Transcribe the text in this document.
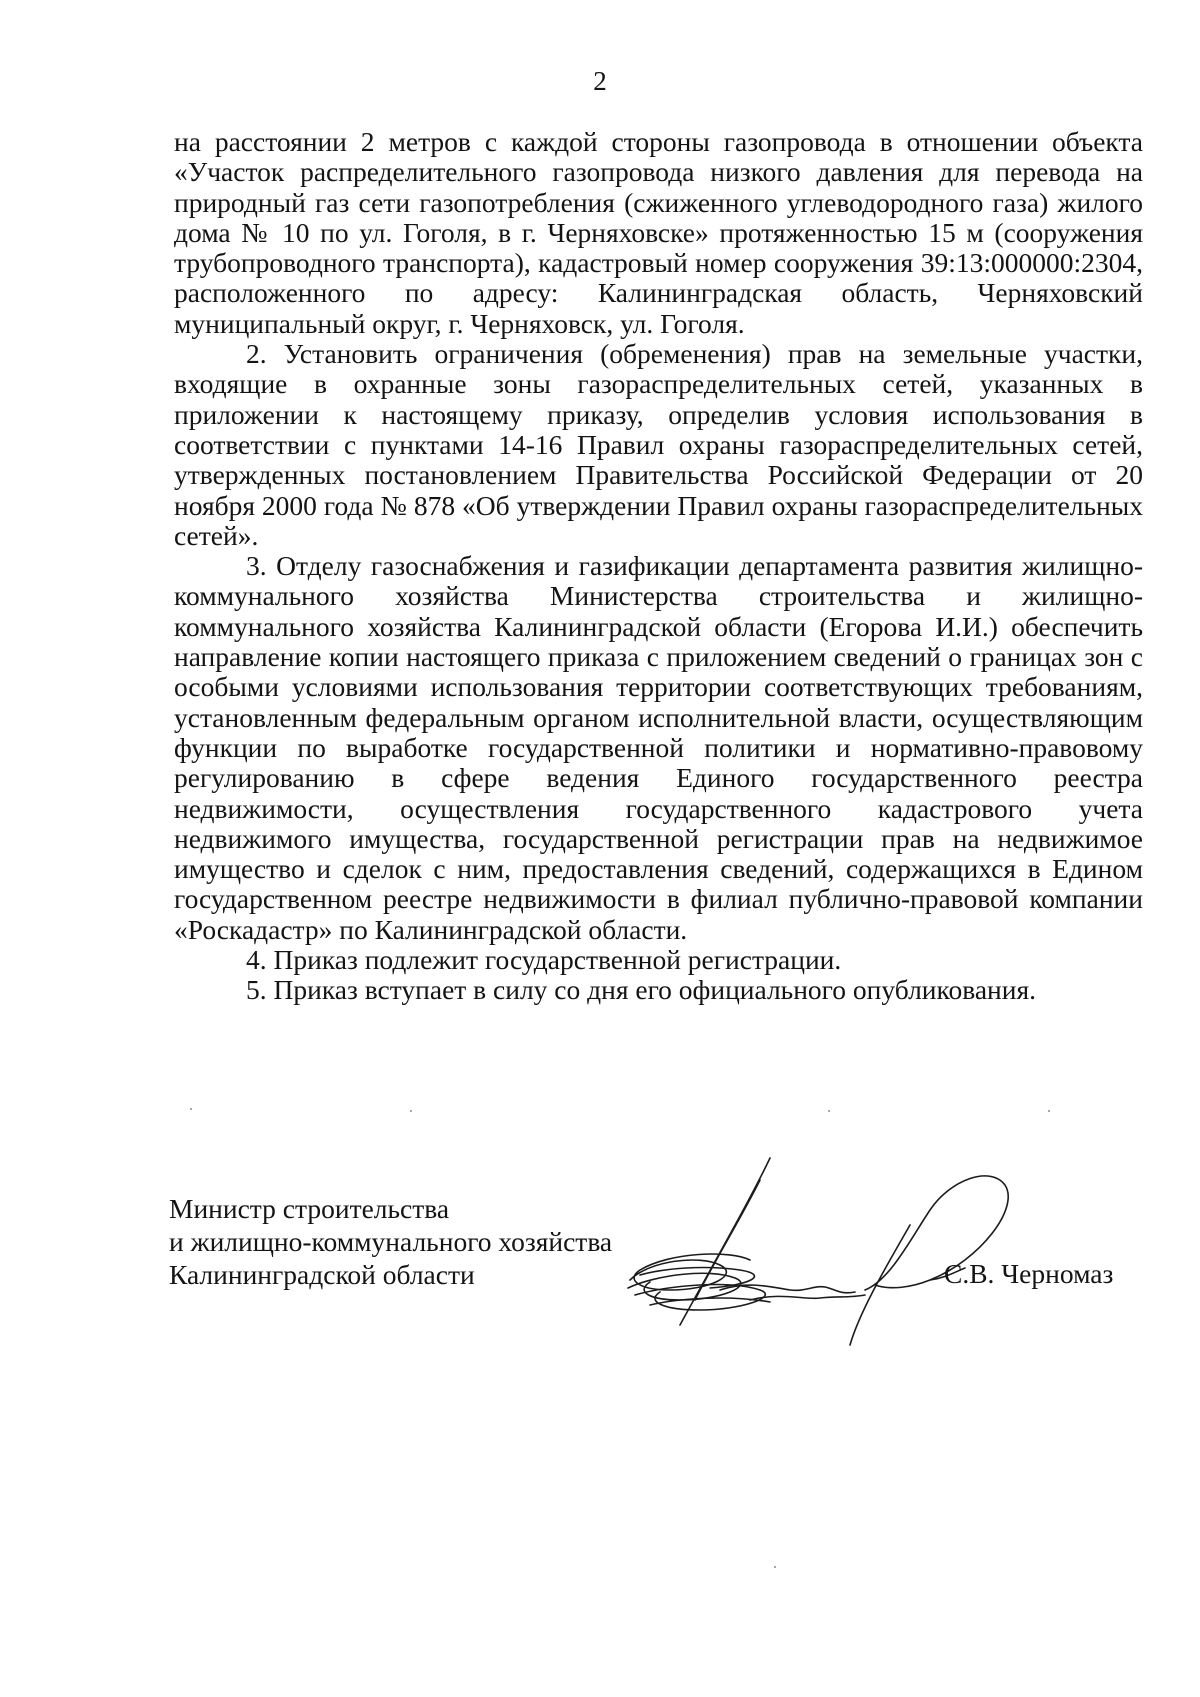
2

на расстоянии 2 метров с каждой стороны газопровода в отношении объекта «Участок распределительного газопровода низкого давления для перевода на природный газ сети газопотребления (сжиженного углеводородного газа) жилого дома № 10 по ул. Гоголя, в г. Черняховске» протяженностью 15 м (сооружения трубопроводного транспорта), кадастровый номер сооружения 39:13:000000:2304, расположенного по адресу: Калининградская область, Черняховский муниципальный округ, г. Черняховск, ул. Гоголя.

2. Установить ограничения (обременения) прав на земельные участки, входящие в охранные зоны газораспределительных сетей, указанных в приложении к настоящему приказу, определив условия использования в соответствии с пунктами 14-16 Правил охраны газораспределительных сетей, утвержденных постановлением Правительства Российской Федерации от 20 ноября 2000 года № 878 «Об утверждении Правил охраны газораспределительных сетей».

3. Отделу газоснабжения и газификации департамента развития жилищно-коммунального хозяйства Министерства строительства и жилищно-коммунального хозяйства Калининградской области (Егорова И.И.) обеспечить направление копии настоящего приказа с приложением сведений о границах зон с особыми условиями использования территории соответствующих требованиям, установленным федеральным органом исполнительной власти, осуществляющим функции по выработке государственной политики и нормативно-правовому регулированию в сфере ведения Единого государственного реестра недвижимости, осуществления государственного кадастрового учета недвижимого имущества, государственной регистрации прав на недвижимое имущество и сделок с ним, предоставления сведений, содержащихся в Едином государственном реестре недвижимости в филиал публично-правовой компании «Роскадастр» по Калининградской области.

4. Приказ подлежит государственной регистрации.

5. Приказ вступает в силу со дня его официального опубликования.

Министр строительства
и жилищно-коммунального хозяйства
Калининградской области	С.В. Черномаз
